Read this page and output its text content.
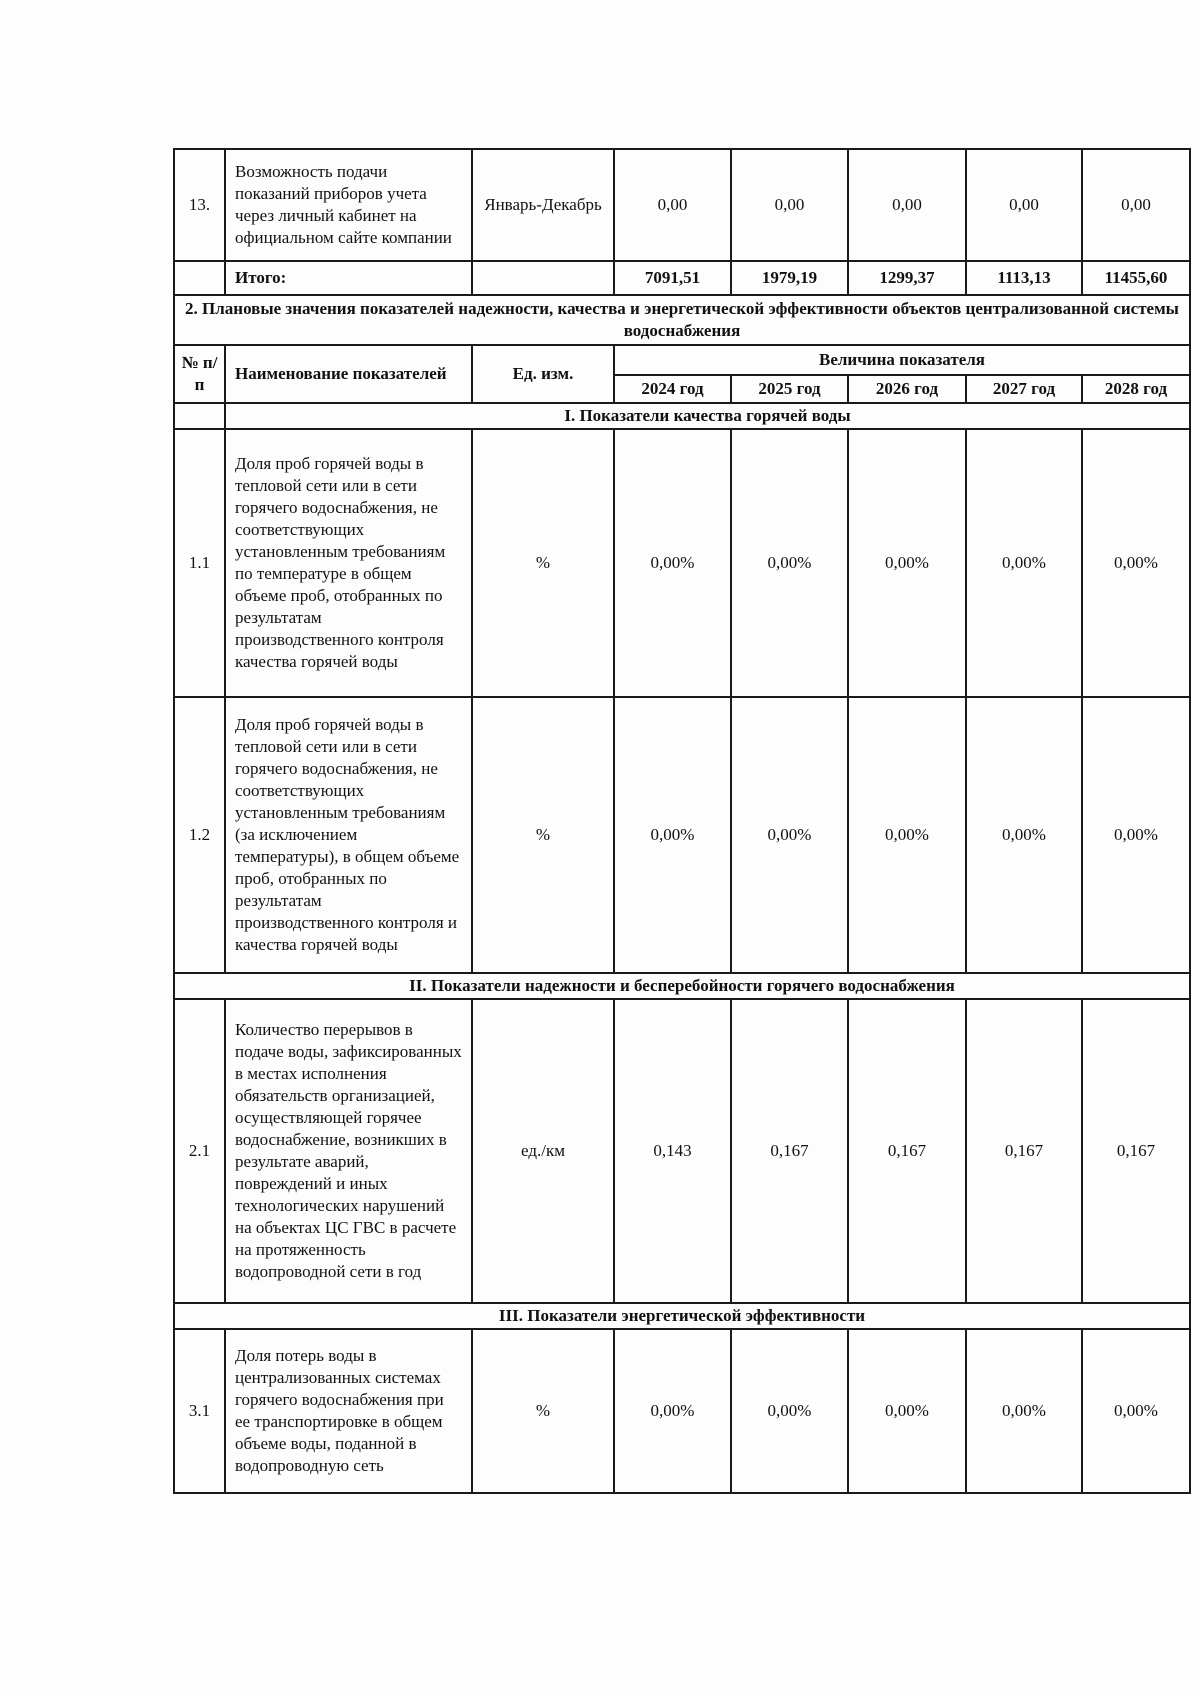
13.	Возможность подачи показаний приборов учета через личный кабинет на официальном сайте компании	Январь-Декабрь	0,00	0,00	0,00	0,00	0,00
	Итого:		7091,51	1979,19	1299,37	1113,13	11455,60
2. Плановые значения показателей надежности, качества и энергетической эффективности объектов централизованной системы водоснабжения							
№ п/п	Наименование показателей	Ед. изм.	Величина показателя				
			2024 год	2025 год	2026 год	2027 год	2028 год
	I. Показатели качества горячей воды						
1.1	Доля проб горячей воды в тепловой сети или в сети горячего водоснабжения, не соответствующих установленным требованиям по температуре в общем объеме проб, отобранных по результатам производственного контроля качества горячей воды	%	0,00%	0,00%	0,00%	0,00%	0,00%
1.2	Доля проб горячей воды в тепловой сети или в сети горячего водоснабжения, не соответствующих установленным требованиям (за исключением температуры), в общем объеме проб, отобранных по результатам производственного контроля и качества горячей воды	%	0,00%	0,00%	0,00%	0,00%	0,00%
II. Показатели надежности и бесперебойности горячего водоснабжения							
2.1	Количество перерывов в подаче воды, зафиксированных в местах исполнения обязательств организацией, осуществляющей горячее водоснабжение, возникших в результате аварий, повреждений и иных технологических нарушений на объектах ЦС ГВС в расчете на протяженность водопроводной сети в год	ед./км	0,143	0,167	0,167	0,167	0,167
III. Показатели энергетической эффективности							
3.1	Доля потерь воды в централизованных системах горячего водоснабжения при ее транспортировке в общем объеме воды, поданной в водопроводную сеть	%	0,00%	0,00%	0,00%	0,00%	0,00%
